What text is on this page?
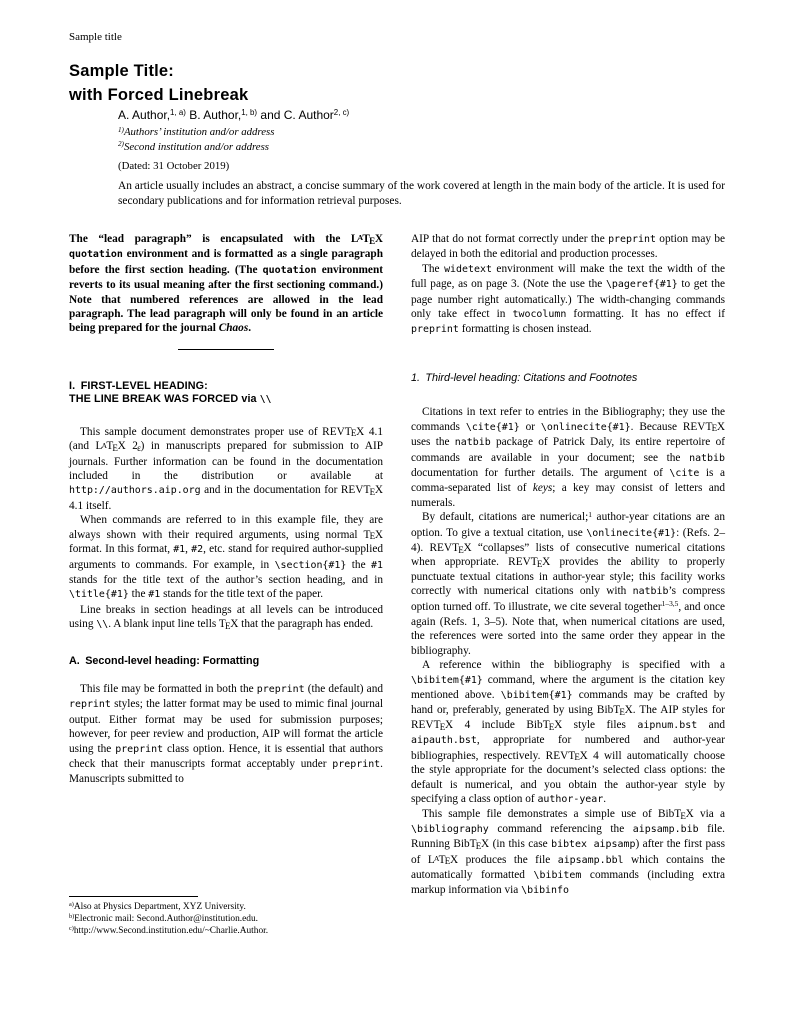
Sample title
Sample Title:
with Forced Linebreak
A. Author,$^{1, a)}$ B. Author,$^{1, b)}$ and C. Author$^{2, c)}$
$^{1)}$Authors’ institution and/or address
$^{2)}$Second institution and/or address
(Dated: 31 October 2019)
An article usually includes an abstract, a concise summary of the work covered at length in the main body of the article. It is used for secondary publications and for information retrieval purposes.

The “lead paragraph” is encapsulated with the LATEX quotation environment and is formatted as a single paragraph before the first section heading. (The quotation environment reverts to its usual meaning after the first sectioning command.) Note that numbered references are allowed in the lead paragraph. The lead paragraph will only be found in an article being prepared for the journal Chaos.

I. FIRST-LEVEL HEADING:
THE LINE BREAK WAS FORCED via \\

This sample document demonstrates proper use of REVTEX 4.1 (and LATEX 2ε) in manuscripts prepared for submission to AIP journals. Further information can be found in the documentation included in the distribution or available at http://authors.aip.org and in the documentation for REVTEX 4.1 itself.

When commands are referred to in this example file, they are always shown with their required arguments, using normal TEX format. In this format, #1, #2, etc. stand for required author-supplied arguments to commands. For example, in \section{#1} the #1 stands for the title text of the author’s section heading, and in \title{#1} the #1 stands for the title text of the paper.

Line breaks in section headings at all levels can be introduced using \\. A blank input line tells TEX that the paragraph has ended.

A. Second-level heading: Formatting

This file may be formatted in both the preprint (the default) and reprint styles; the latter format may be used to mimic final journal output. Either format may be used for submission purposes; however, for peer review and production, AIP will format the article using the preprint class option. Hence, it is essential that authors check that their manuscripts format acceptably under preprint. Manuscripts submitted to

$^{a)}$Also at Physics Department, XYZ University.
$^{b)}$Electronic mail: Second.Author@institution.edu.
$^{c)}$http://www.Second.institution.edu/~Charlie.Author.

AIP that do not format correctly under the preprint option may be delayed in both the editorial and production processes.

The widetext environment will make the text the width of the full page, as on page 3. (Note the use the \pageref{#1} to get the page number right automatically.) The width-changing commands only take effect in twocolumn formatting. It has no effect if preprint formatting is chosen instead.

1. Third-level heading: Citations and Footnotes

Citations in text refer to entries in the Bibliography; they use the commands \cite{#1} or \onlinecite{#1}. Because REVTEX uses the natbib package of Patrick Daly, its entire repertoire of commands are available in your document; see the natbib documentation for further details. The argument of \cite is a comma-separated list of keys; a key may consist of letters and numerals.

By default, citations are numerical;$^1$ author-year citations are an option. To give a textual citation, use \onlinecite{#1}: (Refs. 2–4). REVTEX “collapses” lists of consecutive numerical citations when appropriate. REVTEX provides the ability to properly punctuate textual citations in author-year style; this facility works correctly with numerical citations only with natbib’s compress option turned off. To illustrate, we cite several together$^{1-3,5}$, and once again (Refs. 1, 3–5). Note that, when numerical citations are used, the references were sorted into the same order they appear in the bibliography.

A reference within the bibliography is specified with a \bibitem{#1} command, where the argument is the citation key mentioned above. \bibitem{#1} commands may be crafted by hand or, preferably, generated by using BibTEX. The AIP styles for REVTEX 4 include BibTEX style files aipnum.bst and aipauth.bst, appropriate for numbered and author-year bibliographies, respectively. REVTEX 4 will automatically choose the style appropriate for the document’s selected class options: the default is numerical, and you obtain the author-year style by specifying a class option of author-year.

This sample file demonstrates a simple use of BibTEX via a \bibliography command referencing the aipsamp.bib file. Running BibTEX (in this case bibtex aipsamp) after the first pass of LATEX produces the file aipsamp.bbl which contains the automatically formatted \bibitem commands (including extra markup information via \bibinfo
